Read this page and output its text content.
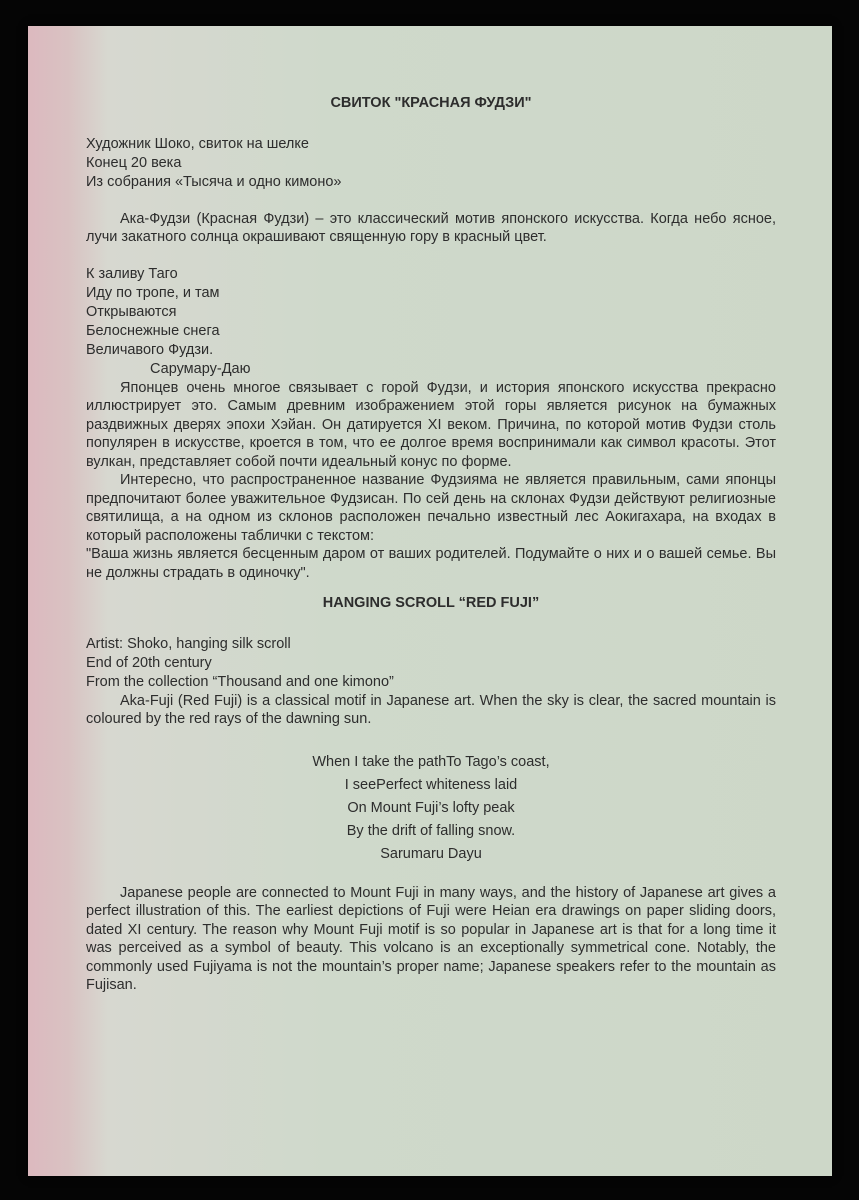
СВИТОК "КРАСНАЯ ФУДЗИ"
Художник Шоко, свиток на шелке
Конец 20 века
Из собрания «Тысяча и одно кимоно»

Ака-Фудзи (Красная Фудзи) – это классический мотив японского искусства. Когда небо ясное, лучи закатного солнца окрашивают священную гору в красный цвет.

К заливу Таго
Иду по тропе, и там
Открываются
Белоснежные снега
Величавого Фудзи.
Сарумару-Даю

Японцев очень многое связывает с горой Фудзи, и история японского искусства прекрасно иллюстрирует это. Самым древним изображением этой горы является рисунок на бумажных раздвижных дверях эпохи Хэйан. Он датируется XI веком. Причина, по которой мотив Фудзи столь популярен в искусстве, кроется в том, что ее долгое время воспринимали как символ красоты. Этот вулкан, представляет собой почти идеальный конус по форме.

Интересно, что распространенное название Фудзияма не является правильным, сами японцы предпочитают более уважительное Фудзисан. По сей день на склонах Фудзи действуют религиозные святилища, а на одном из склонов расположен печально известный лес Аокигахара, на входах в который расположены таблички с текстом:

"Ваша жизнь является бесценным даром от ваших родителей. Подумайте о них и о вашей семье. Вы не должны страдать в одиночку".

HANGING SCROLL “RED FUJI”
Artist: Shoko, hanging silk scroll
End of 20th century
From the collection “Thousand and one kimono”

Aka-Fuji (Red Fuji) is a classical motif in Japanese art. When the sky is clear, the sacred mountain is coloured by the red rays of the dawning sun.

When I take the pathTo Tago’s coast,
I seePerfect whiteness laid
On Mount Fuji’s lofty peak
By the drift of falling snow.
Sarumaru Dayu

Japanese people are connected to Mount Fuji in many ways, and the history of Japanese art gives a perfect illustration of this. The earliest depictions of Fuji were Heian era drawings on paper sliding doors, dated XI century. The reason why Mount Fuji motif is so popular in Japanese art is that for a long time it was perceived as a symbol of beauty. This volcano is an exceptionally symmetrical cone. Notably, the commonly used Fujiyama is not the mountain’s proper name; Japanese speakers refer to the mountain as Fujisan.
